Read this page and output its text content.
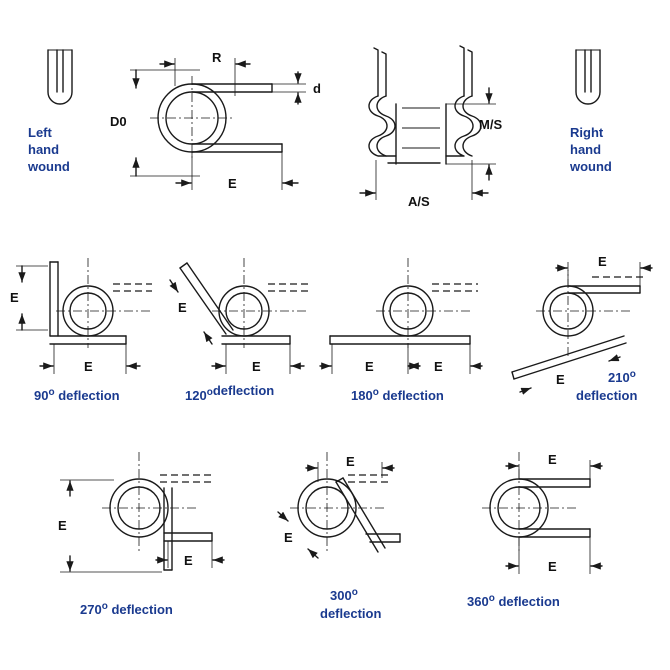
Left
hand
wound
R
d
D0
E
M/S
A/S
Right
hand
wound
E
E
90$^o$ deflection
E
E
120$^o$deflection
E	E
180$^o$ deflection
E
E	210$^o$
deflection
E
E
270$^o$ deflection
E
E
300$^o$
deflection
E
E
360$^o$ deflection
